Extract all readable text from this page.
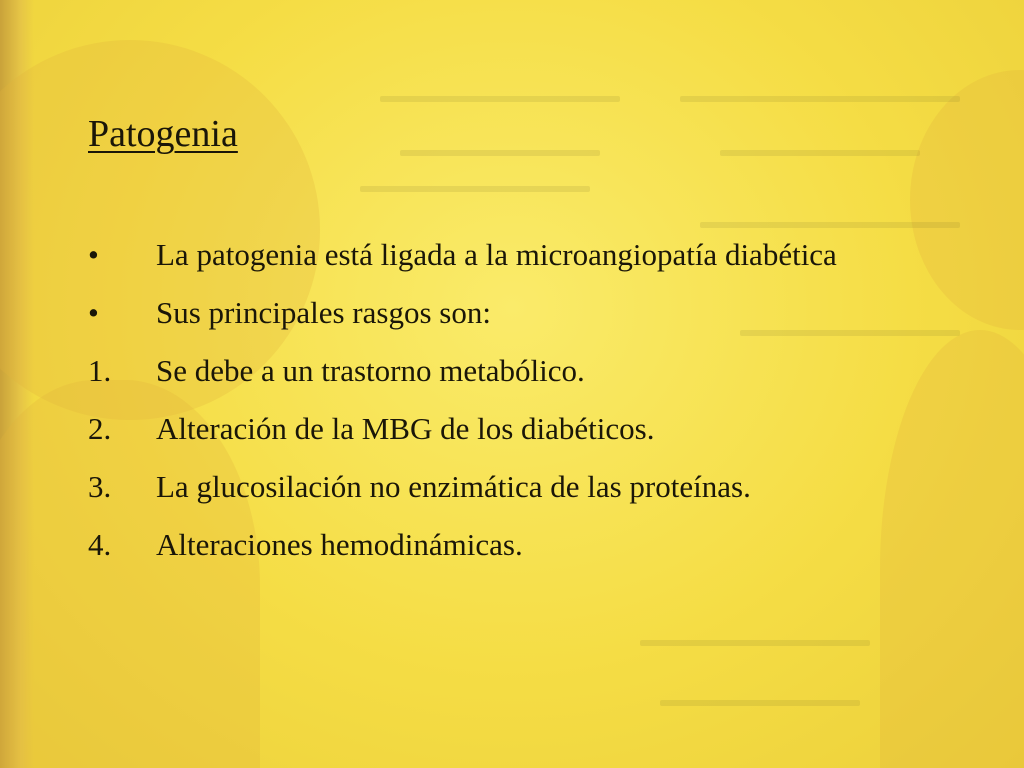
Patogenia
•	La patogenia está ligada a la microangiopatía diabética
•	Sus principales rasgos son:
1.	Se debe a un trastorno metabólico.
2.	Alteración de la MBG de los diabéticos.
3.	La glucosilación no enzimática de las proteínas.
4.	Alteraciones hemodinámicas.
